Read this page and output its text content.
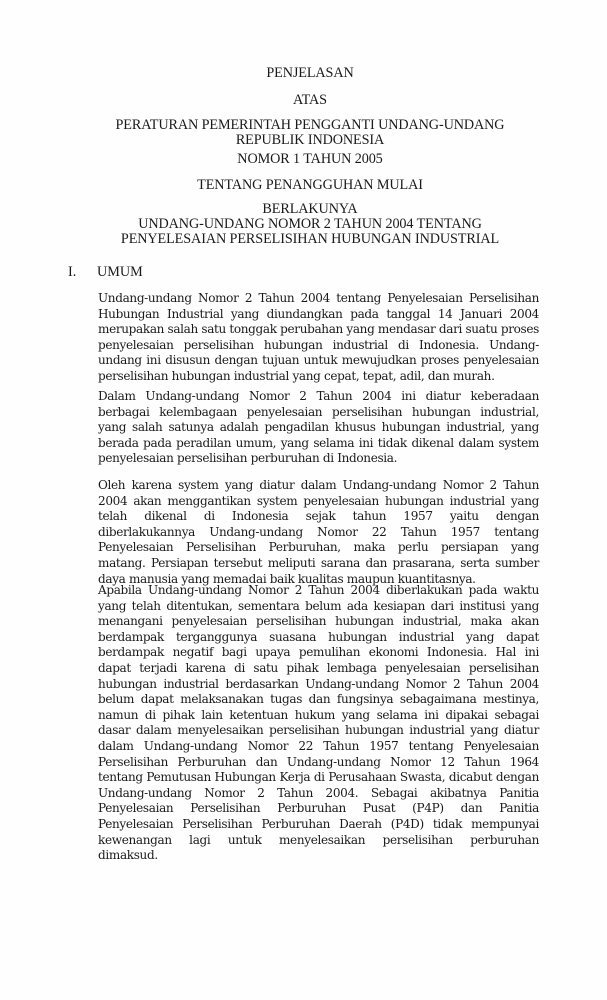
PENJELASAN
ATAS
PERATURAN PEMERINTAH PENGGANTI UNDANG-UNDANG
REPUBLIK INDONESIA
NOMOR 1 TAHUN 2005
TENTANG PENANGGUHAN MULAI
BERLAKUNYA
UNDANG-UNDANG NOMOR 2 TAHUN 2004 TENTANG
PENYELESAIAN PERSELISIHAN HUBUNGAN INDUSTRIAL
I. UMUM
Undang-undang Nomor 2 Tahun 2004 tentang Penyelesaian Perselisihan
Hubungan Industrial yang diundangkan pada tanggal 14 Januari 2004
merupakan salah satu tonggak perubahan yang mendasar dari suatu proses
penyelesaian perselisihan hubungan industrial di Indonesia. Undang-
undang ini disusun dengan tujuan untuk mewujudkan proses penyelesaian
perselisihan hubungan industrial yang cepat, tepat, adil, dan murah.
Dalam Undang-undang Nomor 2 Tahun 2004 ini diatur keberadaan
berbagai kelembagaan penyelesaian perselisihan hubungan industrial,
yang salah satunya adalah pengadilan khusus hubungan industrial, yang
berada pada peradilan umum, yang selama ini tidak dikenal dalam system
penyelesaian perselisihan perburuhan di Indonesia.
Oleh karena system yang diatur dalam Undang-undang Nomor 2 Tahun
2004 akan menggantikan system penyelesaian hubungan industrial yang
telah dikenal di Indonesia sejak tahun 1957 yaitu dengan
diberlakukannya Undang-undang Nomor 22 Tahun 1957 tentang
Penyelesaian Perselisihan Perburuhan, maka perlu persiapan yang
matang. Persiapan tersebut meliputi sarana dan prasarana, serta sumber
daya manusia yang memadai baik kualitas maupun kuantitasnya.
Apabila Undang-undang Nomor 2 Tahun 2004 diberlakukan pada waktu
yang telah ditentukan, sementara belum ada kesiapan dari institusi yang
menangani penyelesaian perselisihan hubungan industrial, maka akan
berdampak terganggunya suasana hubungan industrial yang dapat
berdampak negatif bagi upaya pemulihan ekonomi Indonesia. Hal ini
dapat terjadi karena di satu pihak lembaga penyelesaian perselisihan
hubungan industrial berdasarkan Undang-undang Nomor 2 Tahun 2004
belum dapat melaksanakan tugas dan fungsinya sebagaimana mestinya,
namun di pihak lain ketentuan hukum yang selama ini dipakai sebagai
dasar dalam menyelesaikan perselisihan hubungan industrial yang diatur
dalam Undang-undang Nomor 22 Tahun 1957 tentang Penyelesaian
Perselisihan Perburuhan dan Undang-undang Nomor 12 Tahun 1964
tentang Pemutusan Hubungan Kerja di Perusahaan Swasta, dicabut dengan
Undang-undang Nomor 2 Tahun 2004. Sebagai akibatnya Panitia
Penyelesaian Perselisihan Perburuhan Pusat (P4P) dan Panitia
Penyelesaian Perselisihan Perburuhan Daerah (P4D) tidak mempunyai
kewenangan lagi untuk menyelesaikan perselisihan perburuhan
dimaksud.
